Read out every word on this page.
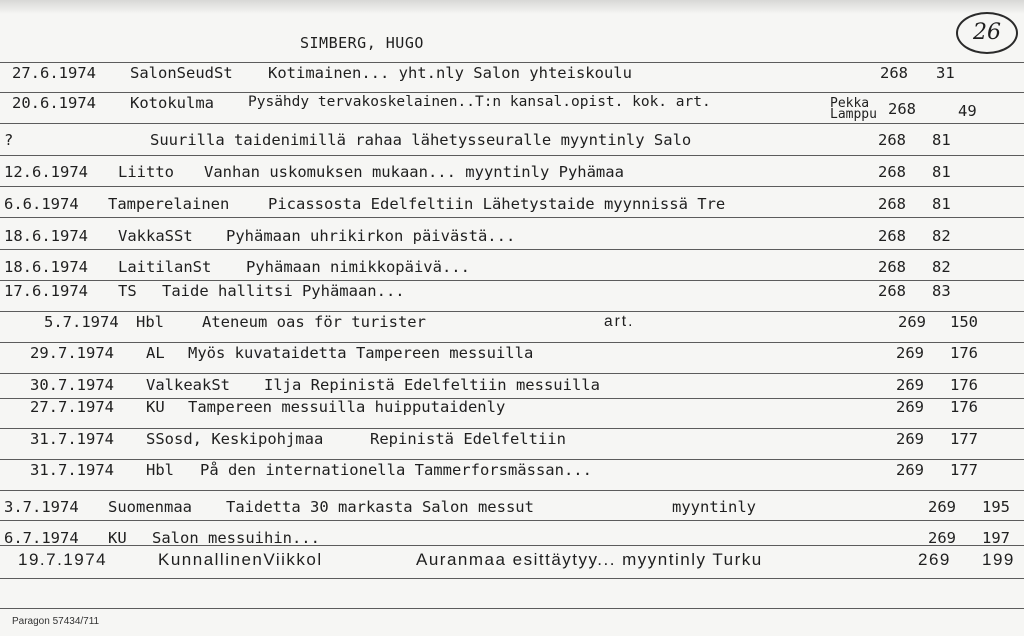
SIMBERG, HUGO	26
27.6.1974 SalonSeudSt Kotimainen... yht.nly Salon yhteiskoulu	268 31
20.6.1974 Kotokulma Pysähdy tervakoskelainen..T:n kansal.opist. kok. art.	Pekka Lamppu 268	49
?	Suurilla taidenimillä rahaa lähetysseuralle myyntinly Salo	268 81
12.6.1974 Liitto Vanhan uskomuksen mukaan... myyntinly Pyhämaa	268 81
6.6.1974 Tamperelainen Picassosta Edelfeltiin Lähetystaide myynnissä Tre	268 81
18.6.1974 VakkaSSt Pyhämaan uhrikirkon päivästä...	268 82
18.6.1974 LaitilanSt Pyhämaan nimikkopäivä...	268 82
17.6.1974 TS Taide hallitsi Pyhämaan...	268 83
5.7.1974 Hbl Ateneum oas för turister	art.	269 150
29.7.1974 AL Myös kuvataidetta Tampereen messuilla	269 176
30.7.1974 ValkeakSt Ilja Repinistä Edelfeltiin messuilla	269 176
27.7.1974 KU Tampereen messuilla huipputaidenly	269 176
31.7.1974 SSosd, Keskipohjmaa	Repinistä Edelfeltiin	269 177
31.7.1974 Hbl På den internationella Tammerforsmässan...	269 177
3.7.1974 Suomenmaa Taidetta 30 markasta Salon messut	myyntinly	269 195
6.7.1974 KU Salon messuihin...	269 197
19.7.1974	KunnallinenViikkol	Auranmaa esittäytyy... myyntinly Turku	269 199
Paragon 57434/711
